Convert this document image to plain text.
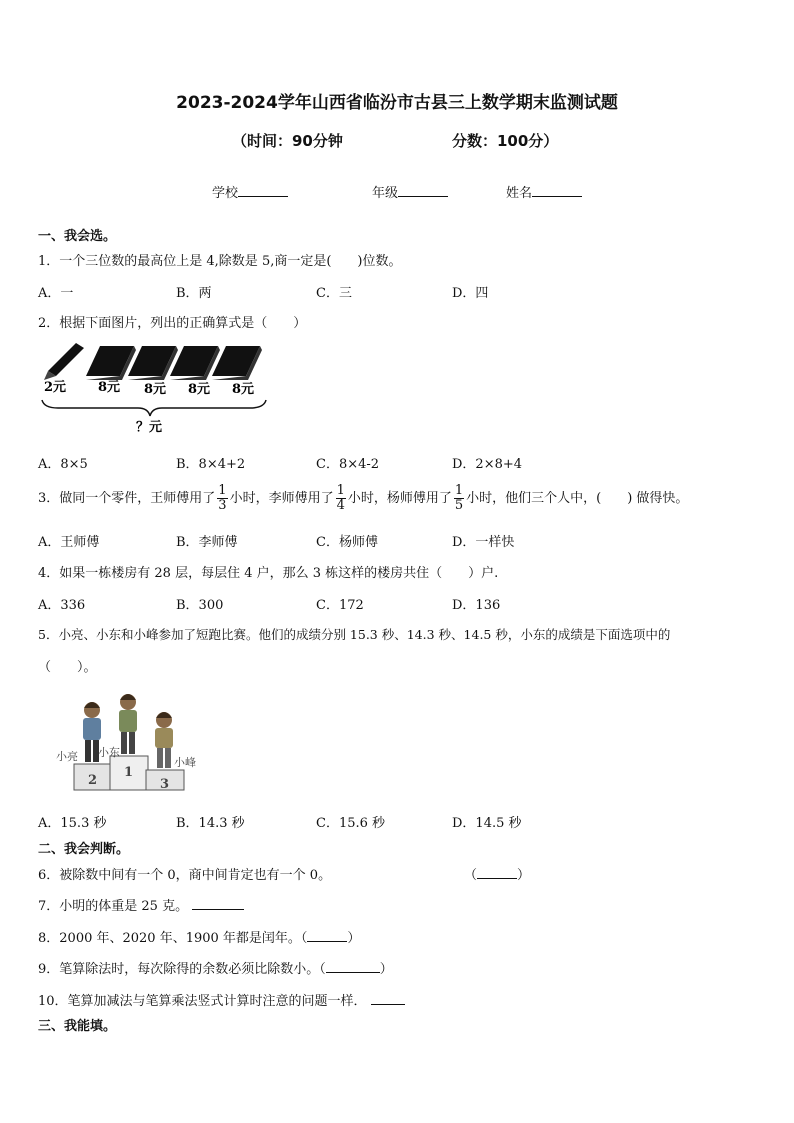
2023-2024学年山西省临汾市古县三上数学期末监测试题
（时间：90分钟	分数：100分）
学校	年级	姓名
一、我会选。
1．一个三位数的最高位上是 4,除数是 5,商一定是(　　)位数。
A．一	B．两	C．三	D．四
2．根据下面图片，列出的正确算式是（　　）
2元 8元 8元 8元 8元
？元
A．8×5	B．8×4+2	C．8×4-2	D．2×8+4
3．做同一个零件，王师傅用了 $\frac{1}{3}$ 小时，李师傅用了 $\frac{1}{4}$ 小时，杨师傅用了 $\frac{1}{5}$ 小时，他们三个人中，(　　) 做得快。
A．王师傅	B．李师傅	C．杨师傅	D．一样快
4．如果一栋楼房有 28 层，每层住 4 户，那么 3 栋这样的楼房共住（　　）户.
A．336	B．300	C．172	D．136
5．小亮、小东和小峰参加了短跑比赛。他们的成绩分别 15.3 秒、14.3 秒、14.5 秒，小东的成绩是下面选项中的
（　　）。
2
1
3
小亮 小东
小峰
A．15.3 秒	B．14.3 秒	C．15.6 秒	D．14.5 秒
二、我会判断。
6．被除数中间有一个 0，商中间肯定也有一个 0。	（	）
7．小明的体重是 25 克。
8．2000 年、2020 年、1900 年都是闰年。（	）
9．笔算除法时，每次除得的余数必须比除数小。（	）
10．笔算加减法与笔算乘法竖式计算时注意的问题一样．
三、我能填。
